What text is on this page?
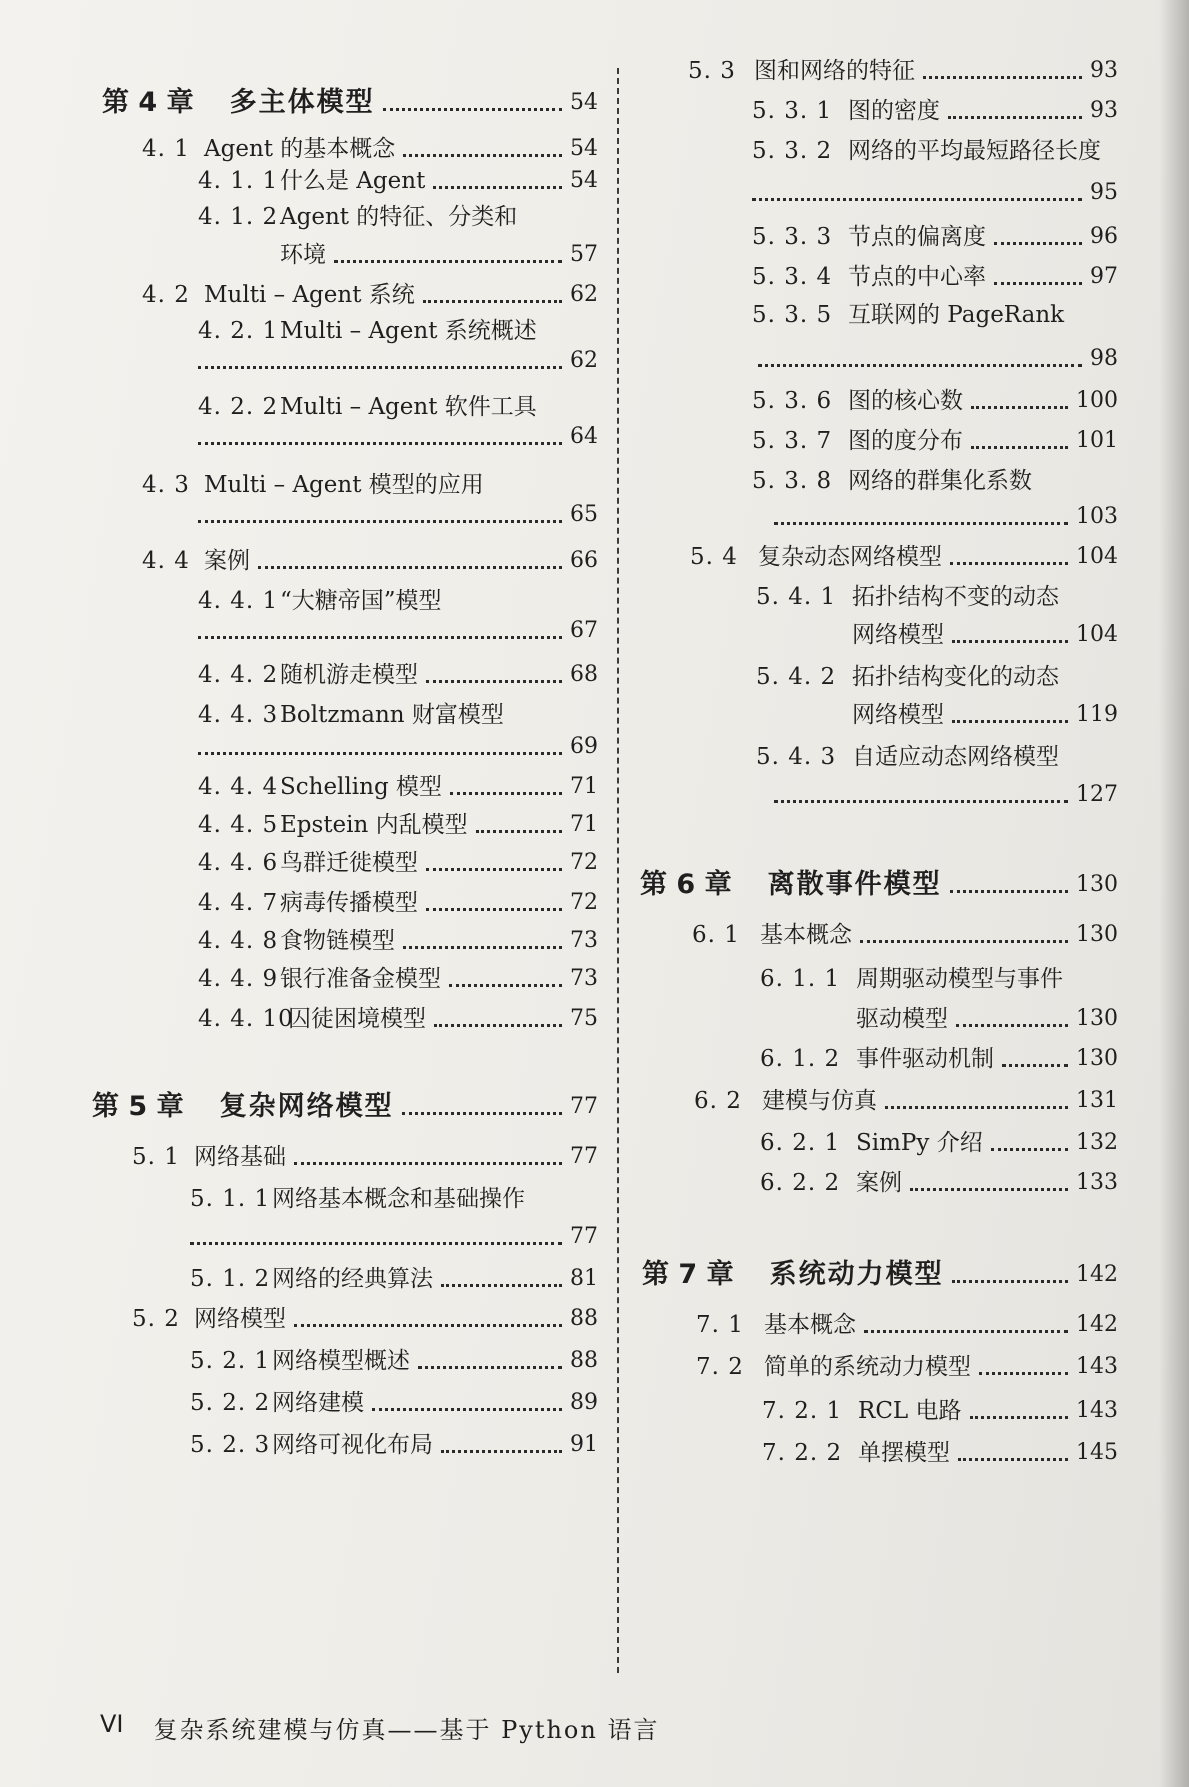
第 4 章 多主体模型	54
4. 1 Agent 的基本概念	54
4. 1. 1 什么是 Agent	54
4. 1. 2 Agent 的特征、分类和
环境	57
4. 2 Multi – Agent 系统	62
4. 2. 1 Multi – Agent 系统概述
62
4. 2. 2 Multi – Agent 软件工具
64
4. 3 Multi – Agent 模型的应用
65
4. 4 案例	66
4. 4. 1 “大糖帝国”模型
67
4. 4. 2 随机游走模型	68
4. 4. 3 Boltzmann 财富模型
69
4. 4. 4 Schelling 模型	71
4. 4. 5 Epstein 内乱模型	71
4. 4. 6 鸟群迁徙模型	72
4. 4. 7 病毒传播模型	72
4. 4. 8 食物链模型	73
4. 4. 9 银行准备金模型	73
4. 4. 10
囚徒困境模型	75
第 5 章 复杂网络模型	77
5. 1 网络基础	77
5. 1. 1 网络基本概念和基础操作
77
5. 1. 2 网络的经典算法	81
5. 2 网络模型	88
5. 2. 1 网络模型概述	88
5. 2. 2 网络建模	89
5. 2. 3 网络可视化布局	91
5. 3 图和网络的特征	93
5. 3. 1 图的密度	93
5. 3. 2 网络的平均最短路径长度
95
5. 3. 3 节点的偏离度	96
5. 3. 4 节点的中心率	97
5. 3. 5 互联网的 PageRank
98
5. 3. 6 图的核心数	100
5. 3. 7 图的度分布	101
5. 3. 8 网络的群集化系数
103
5. 4 复杂动态网络模型	104
5. 4. 1 拓扑结构不变的动态
网络模型	104
5. 4. 2 拓扑结构变化的动态
网络模型	119
5. 4. 3 自适应动态网络模型
127
第 6 章 离散事件模型	130
6. 1 基本概念	130
6. 1. 1 周期驱动模型与事件
驱动模型	130
6. 1. 2 事件驱动机制	130
6. 2 建模与仿真	131
6. 2. 1 SimPy 介绍	132
6. 2. 2 案例	133
第 7 章 系统动力模型	142
7. 1 基本概念	142
7. 2 简单的系统动力模型	143
7. 2. 1 RCL 电路	143
7. 2. 2 单摆模型	145
VI 复杂系统建模与仿真——基于 Python 语言
